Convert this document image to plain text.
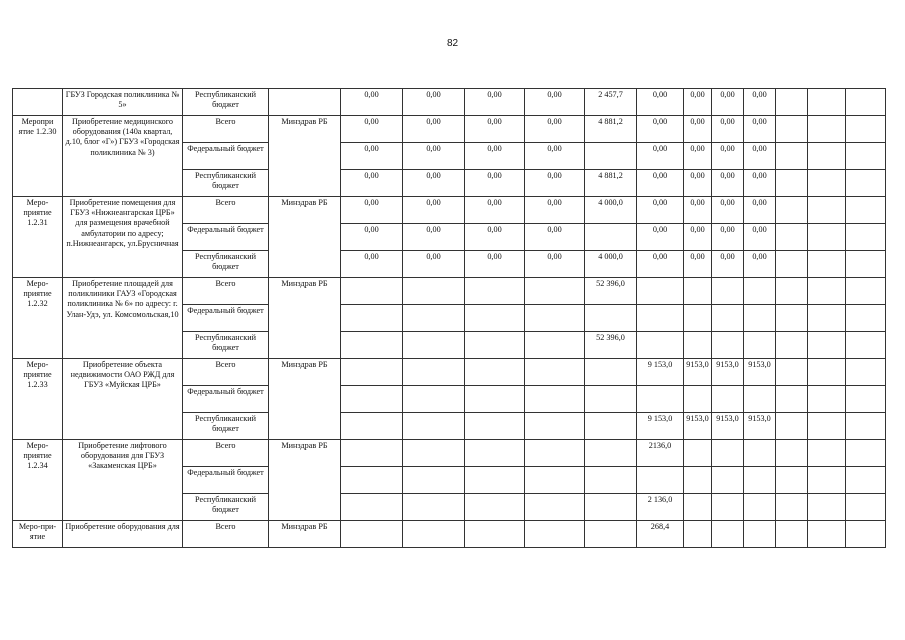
82
	ГБУЗ Городская поликлиника № 5»	Республиканский бюджет		0,00	0,00	0,00	0,00	2 457,7	0,00	0,00	0,00	0,00			
Меропри ятие 1.2.30	Приобретение медицинского оборудования (140а квартал, д.10, блог «Г») ГБУЗ «Городская поликлиника № 3)	Всего	Минздрав РБ	0,00	0,00	0,00	0,00	4 881,2	0,00	0,00	0,00	0,00			
		Федеральный бюджет		0,00	0,00	0,00	0,00		0,00	0,00	0,00	0,00			
		Республиканский бюджет		0,00	0,00	0,00	0,00	4 881,2	0,00	0,00	0,00	0,00			
Меро-приятие 1.2.31	Приобретение помещения для ГБУЗ «Нижнеангарская ЦРБ» для размещения врачебной амбулатории по адресу; п.Нижнеангарск, ул.Брусничная	Всего	Минздрав РБ	0,00	0,00	0,00	0,00	4 000,0	0,00	0,00	0,00	0,00			
		Федеральный бюджет		0,00	0,00	0,00	0,00		0,00	0,00	0,00	0,00			
		Республиканский бюджет		0,00	0,00	0,00	0,00	4 000,0	0,00	0,00	0,00	0,00			
Меро-приятие 1.2.32	Приобретение площадей для поликлиники ГАУЗ «Городская поликлиника № 6» по адресу: г. Улан-Удэ, ул. Комсомольская,10	Всего	Минздрав РБ					52 396,0							
		Федеральный бюджет													
		Республиканский бюджет						52 396,0							
Меро-приятие 1.2.33	Приобретение объекта недвижимости ОАО РЖД для ГБУЗ «Муйская ЦРБ»	Всего	Минздрав РБ						9 153,0	9153,0	9153,0	9153,0			
		Федеральный бюджет													
		Республиканский бюджет							9 153,0	9153,0	9153,0	9153,0			
Меро-приятие 1.2.34	Приобретение лифтового оборудования для ГБУЗ «Закаменская ЦРБ»	Всего	Минздрав РБ						2136,0						
		Федеральный бюджет													
		Республиканский бюджет							2 136,0						
Меро-при-ятие	Приобретение оборудования для	Всего	Минздрав РБ						268,4						
